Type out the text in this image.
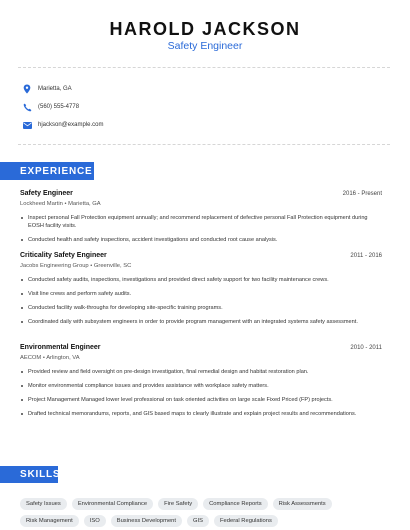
HAROLD JACKSON
Safety Engineer
Marietta, GA
(560) 555-4778
hjackson@example.com
EXPERIENCE
Safety Engineer	2016 - Present
Lockheed Martin • Marietta, GA
Inspect personal Fall Protection equipment annually; and recommend replacement of defective personal Fall Protection equipment during EOSH facility visits.
Conducted health and safety inspections, accident investigations and conducted root cause analysis.
Criticality Safety Engineer	2011 - 2016
Jacobs Engineering Group • Greenville, SC
Conducted safety audits, inspections, investigations and provided direct safety support for two facility maintenance crews.
Visit line crews and perform safety audits.
Conducted facility walk-throughs for developing site-specific training programs.
Coordinated daily with subsystem engineers in order to provide program management with an integrated systems safety assessment.
Environmental Engineer	2010 - 2011
AECOM • Arlington, VA
Provided review and field oversight on pre-design investigation, final remedial design and habitat restoration plan.
Monitor environmental compliance issues and provides assistance with workplace safety matters.
Project Management Managed lower level professional on task oriented activities on large scale Fixed Priced (FP) projects.
Drafted technical memorandums, reports, and GIS based maps to clearly illustrate and explain project results and recommendations.
SKILLS
Safety Issues	Environmental Compliance	Fire Safety	Compliance Reports	Risk Assessments
Risk Management	ISO	Business Development	GIS	Federal Regulations
